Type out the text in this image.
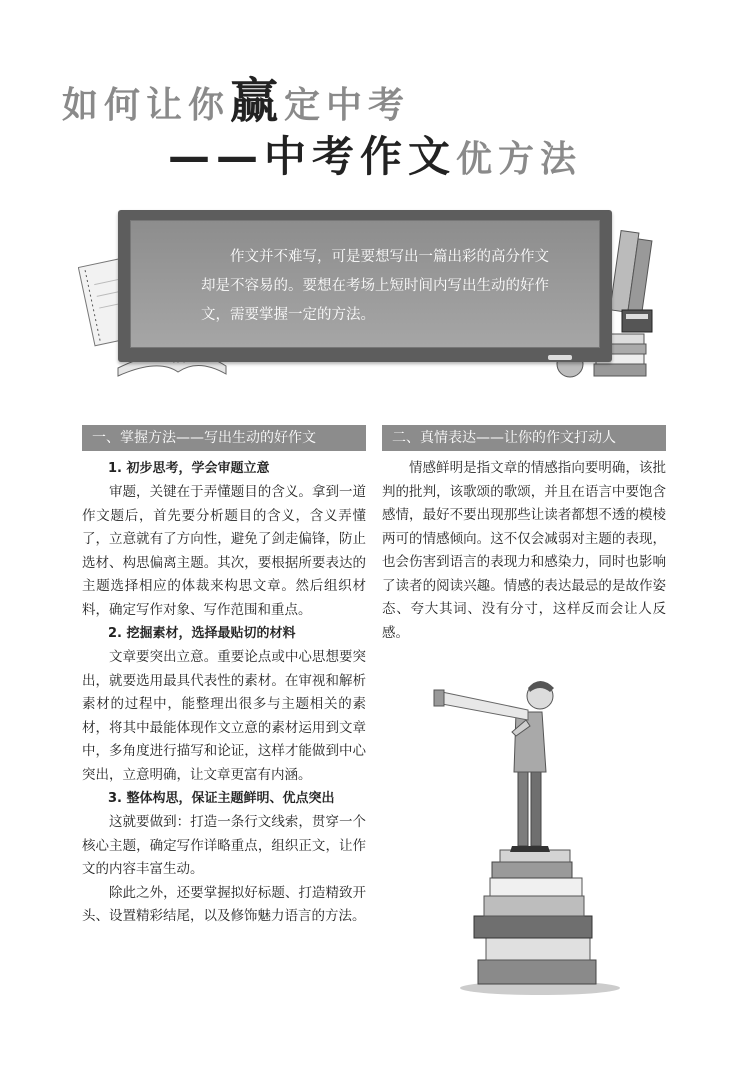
如何让你赢定中考
——中考作文优方法
作文并不难写，可是要想写出一篇出彩的高分作文却是不容易的。要想在考场上短时间内写出生动的好作文，需要掌握一定的方法。
一、掌握方法——写出生动的好作文
1. 初步思考，学会审题立意

审题，关键在于弄懂题目的含义。拿到一道作文题后，首先要分析题目的含义，含义弄懂了，立意就有了方向性，避免了剑走偏锋，防止选材、构思偏离主题。其次，要根据所要表达的主题选择相应的体裁来构思文章。然后组织材料，确定写作对象、写作范围和重点。

2. 挖掘素材，选择最贴切的材料

文章要突出立意。重要论点或中心思想要突出，就要选用最具代表性的素材。在审视和解析素材的过程中，能整理出很多与主题相关的素材，将其中最能体现作文立意的素材运用到文章中，多角度进行描写和论证，这样才能做到中心突出，立意明确，让文章更富有内涵。

3. 整体构思，保证主题鲜明、优点突出

这就要做到：打造一条行文线索，贯穿一个核心主题，确定写作详略重点，组织正文，让作文的内容丰富生动。

除此之外，还要掌握拟好标题、打造精致开头、设置精彩结尾，以及修饰魅力语言的方法。

二、真情表达——让你的作文打动人

情感鲜明是指文章的情感指向要明确，该批判的批判，该歌颂的歌颂，并且在语言中要饱含感情，最好不要出现那些让读者都想不透的模棱两可的情感倾向。这不仅会减弱对主题的表现，也会伤害到语言的表现力和感染力，同时也影响了读者的阅读兴趣。情感的表达最忌的是故作姿态、夸大其词、没有分寸，这样反而会让人反感。
